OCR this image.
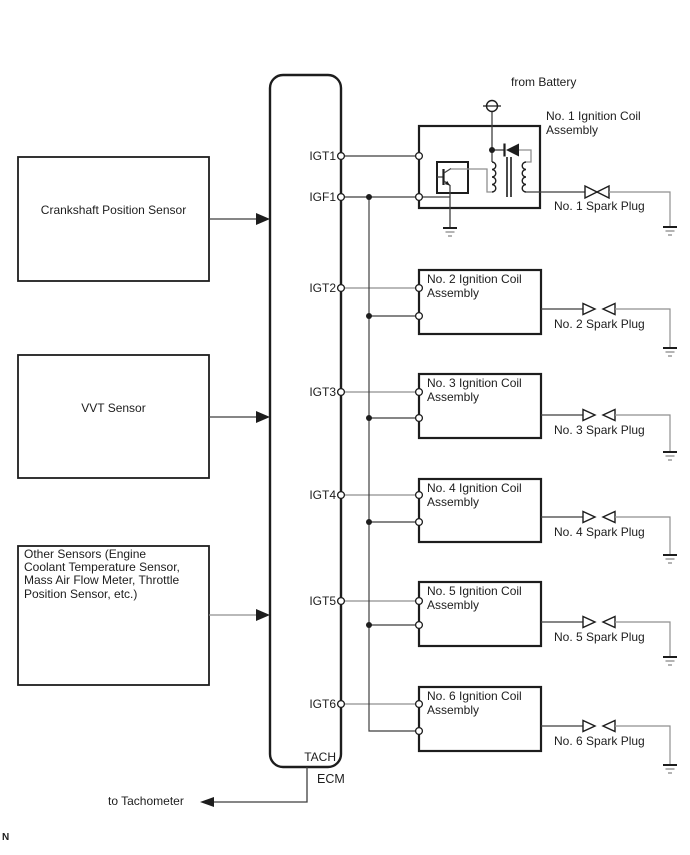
Crankshaft Position Sensor
VVT Sensor
Other Sensors (Engine
Coolant Temperature Sensor,
Mass Air Flow Meter, Throttle
Position Sensor, etc.)
IGT1
IGF1
IGT2
IGT3
IGT4
IGT5
IGT6
TACH
ECM
from Battery
No. 1 Ignition Coil
Assembly
No. 2 Ignition Coil
Assembly
No. 3 Ignition Coil
Assembly
No. 4 Ignition Coil
Assembly
No. 5 Ignition Coil
Assembly
No. 6 Ignition Coil
Assembly
No. 1 Spark Plug
No. 2 Spark Plug
No. 3 Spark Plug
No. 4 Spark Plug
No. 5 Spark Plug
No. 6 Spark Plug
to Tachometer
N
